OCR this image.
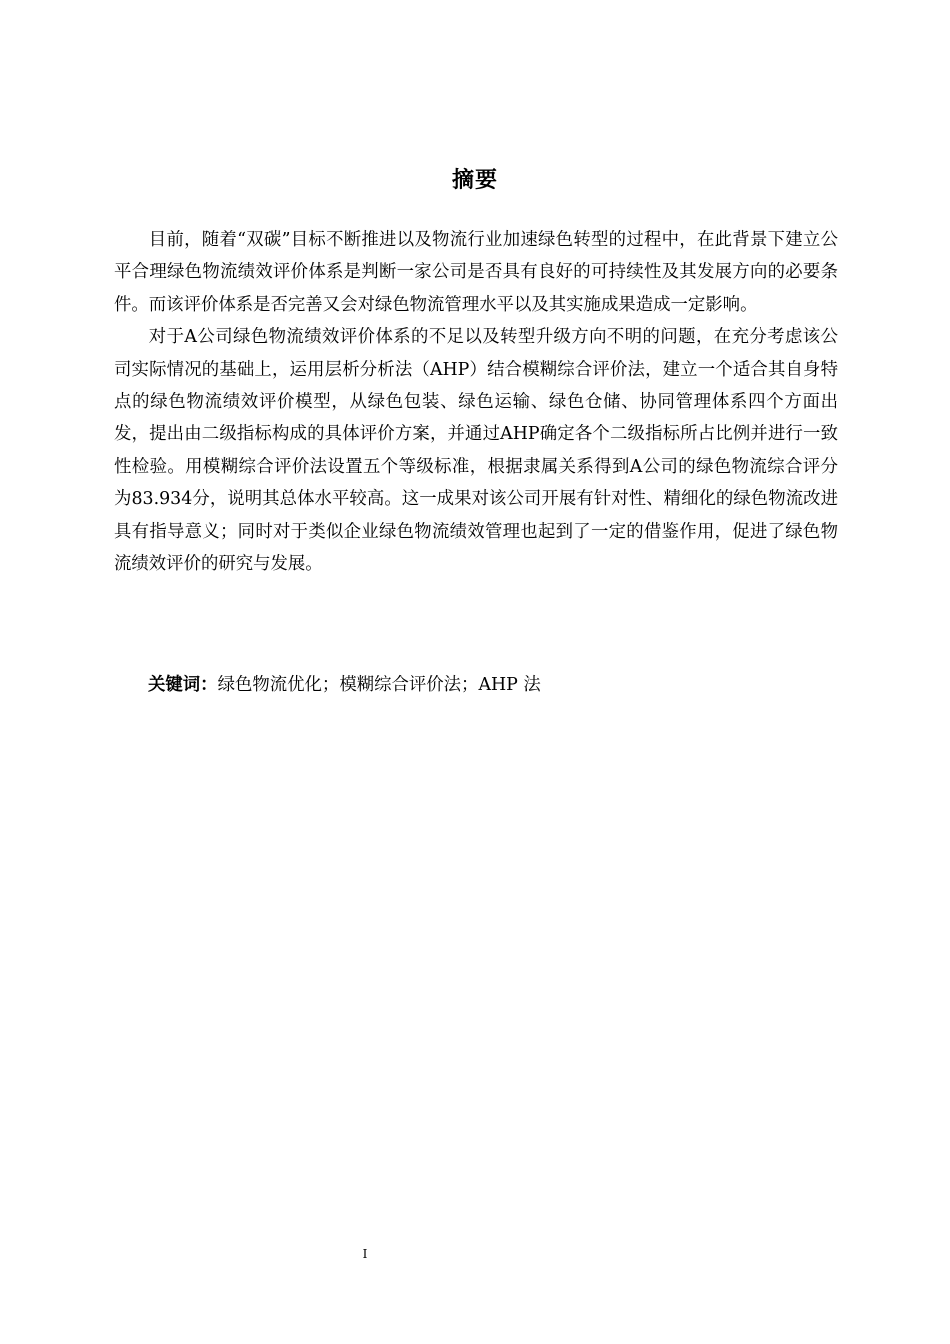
摘要

目前，随着“双碳”目标不断推进以及物流行业加速绿色转型的过程中，在此背景下建立公平合理绿色物流绩效评价体系是判断一家公司是否具有良好的可持续性及其发展方向的必要条件。而该评价体系是否完善又会对绿色物流管理水平以及其实施成果造成一定影响。

对于A公司绿色物流绩效评价体系的不足以及转型升级方向不明的问题，在充分考虑该公司实际情况的基础上，运用层析分析法（AHP）结合模糊综合评价法，建立一个适合其自身特点的绿色物流绩效评价模型，从绿色包装、绿色运输、绿色仓储、协同管理体系四个方面出发，提出由二级指标构成的具体评价方案，并通过AHP确定各个二级指标所占比例并进行一致性检验。用模糊综合评价法设置五个等级标准，根据隶属关系得到A公司的绿色物流综合评分为83.934分，说明其总体水平较高。这一成果对该公司开展有针对性、精细化的绿色物流改进具有指导意义；同时对于类似企业绿色物流绩效管理也起到了一定的借鉴作用，促进了绿色物流绩效评价的研究与发展。

关键词：绿色物流优化；模糊综合评价法；AHP 法
I
